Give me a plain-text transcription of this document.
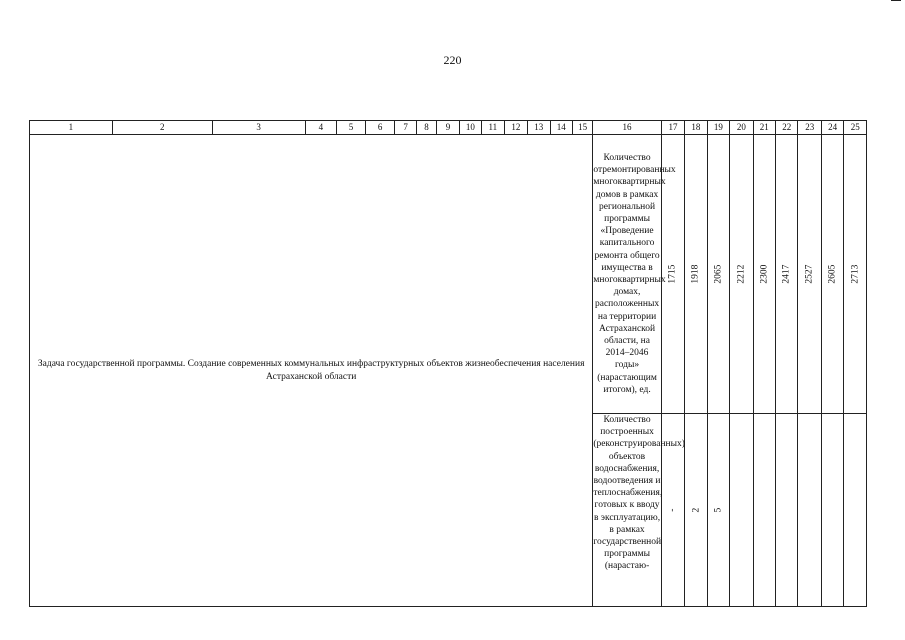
220
1	2	3	4	5	6	7	8	9	10	11	12	13	14	15	16	17	18	19	20	21	22	23	24	25
Задача государственной программы. Создание современных коммунальных инфраструктурных объектов жизнеобеспечения населения Астраханской области															Количество отремонтированных многоквартирных домов в рамках региональной программы «Проведение капитального ремонта общего имущества в многоквартирных домах, расположенных на территории Астраханской области, на 2014–2046 годы» (нарастающим итогом), ед.	1715	1918	2065	2212	2300	2417	2527	2605	2713

															Количество построенных (реконструированных) объектов водоснабжения, водоотведения и теплоснабжения, готовых к вводу в эксплуатацию, в рамках государственной программы (нарастаю-	-	2	5						
